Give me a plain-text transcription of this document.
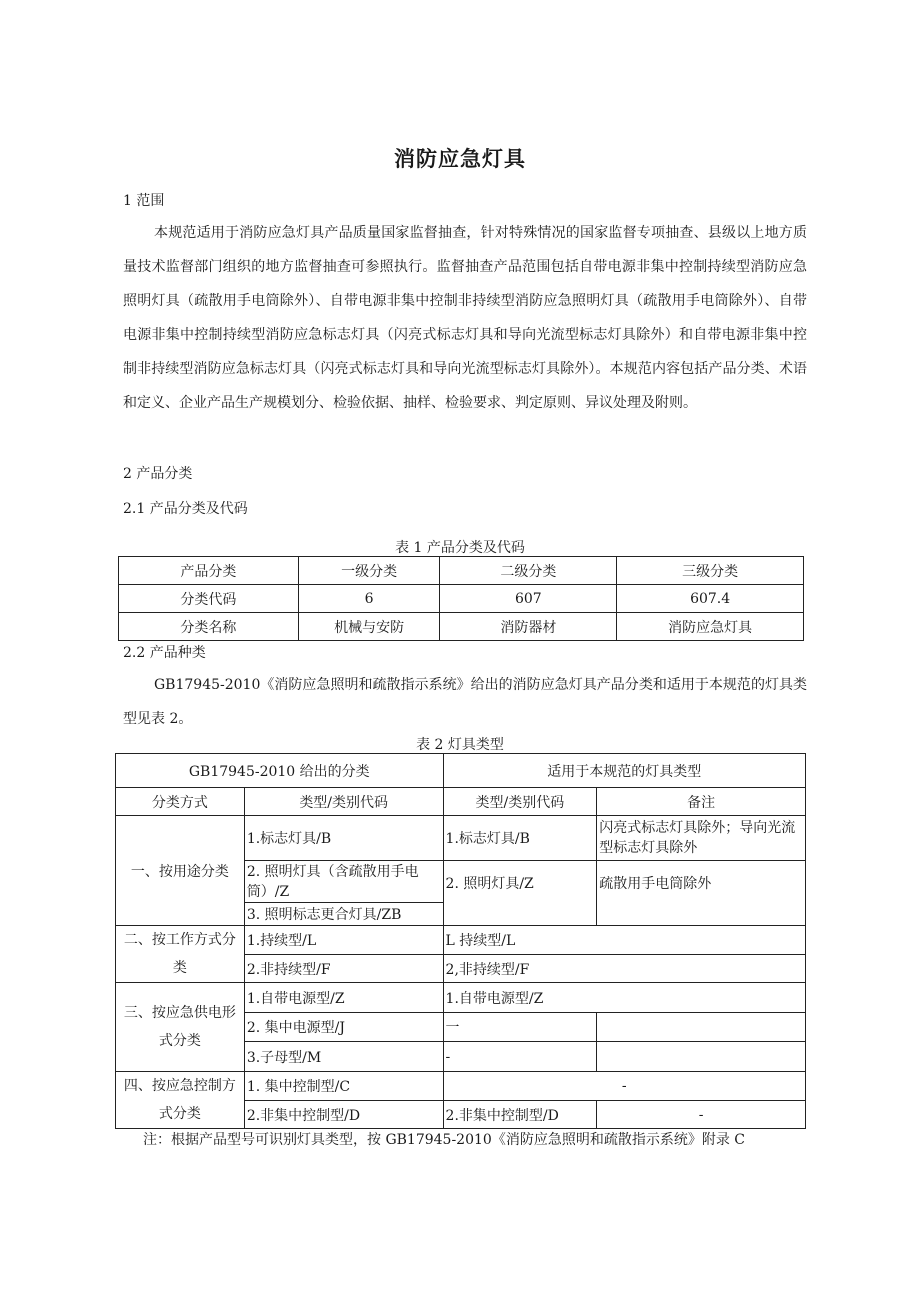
消防应急灯具
1 范围
本规范适用于消防应急灯具产品质量国家监督抽查，针对特殊情况的国家监督专项抽查、县级以上地方质量技术监督部门组织的地方监督抽查可参照执行。监督抽查产品范围包括自带电源非集中控制持续型消防应急照明灯具（疏散用手电筒除外）、自带电源非集中控制非持续型消防应急照明灯具（疏散用手电筒除外）、自带电源非集中控制持续型消防应急标志灯具（闪亮式标志灯具和导向光流型标志灯具除外）和自带电源非集中控制非持续型消防应急标志灯具（闪亮式标志灯具和导向光流型标志灯具除外）。本规范内容包括产品分类、术语和定义、企业产品生产规模划分、检验依据、抽样、检验要求、判定原则、异议处理及附则。
2 产品分类
2.1 产品分类及代码
表 1 产品分类及代码
产品分类	一级分类	二级分类	三级分类
分类代码	6	607	607.4
分类名称	机械与安防	消防器材	消防应急灯具
2.2 产品种类
GB17945-2010《消防应急照明和疏散指示系统》给出的消防应急灯具产品分类和适用于本规范的灯具类型见表 2。
表 2 灯具类型
GB17945-2010 给出的分类		适用于本规范的灯具类型	
分类方式	类型/类别代码	类型/类别代码	备注
一、按用途分类	1.标志灯具/B	1.标志灯具/B	闪亮式标志灯具除外；导向光流型标志灯具除外
	2. 照明灯具（含疏散用手电筒）/Z	2. 照明灯具/Z	疏散用手电筒除外
	3. 照明标志更合灯具/ZB		
二、按工作方式分类	1.持续型/L	L 持续型/L	
	2.非持续型/F	2,非持续型/F	
三、按应急供电形式分类	1.自带电源型/Z	1.自带电源型/Z	
	2. 集中电源型/J	一	
	3.子母型/M	-	
四、按应急控制方式分类	1. 集中控制型/C	-	
	2.非集中控制型/D	2.非集中控制型/D	-
注：根据产品型号可识别灯具类型，按 GB17945-2010《消防应急照明和疏散指示系统》附录 C
